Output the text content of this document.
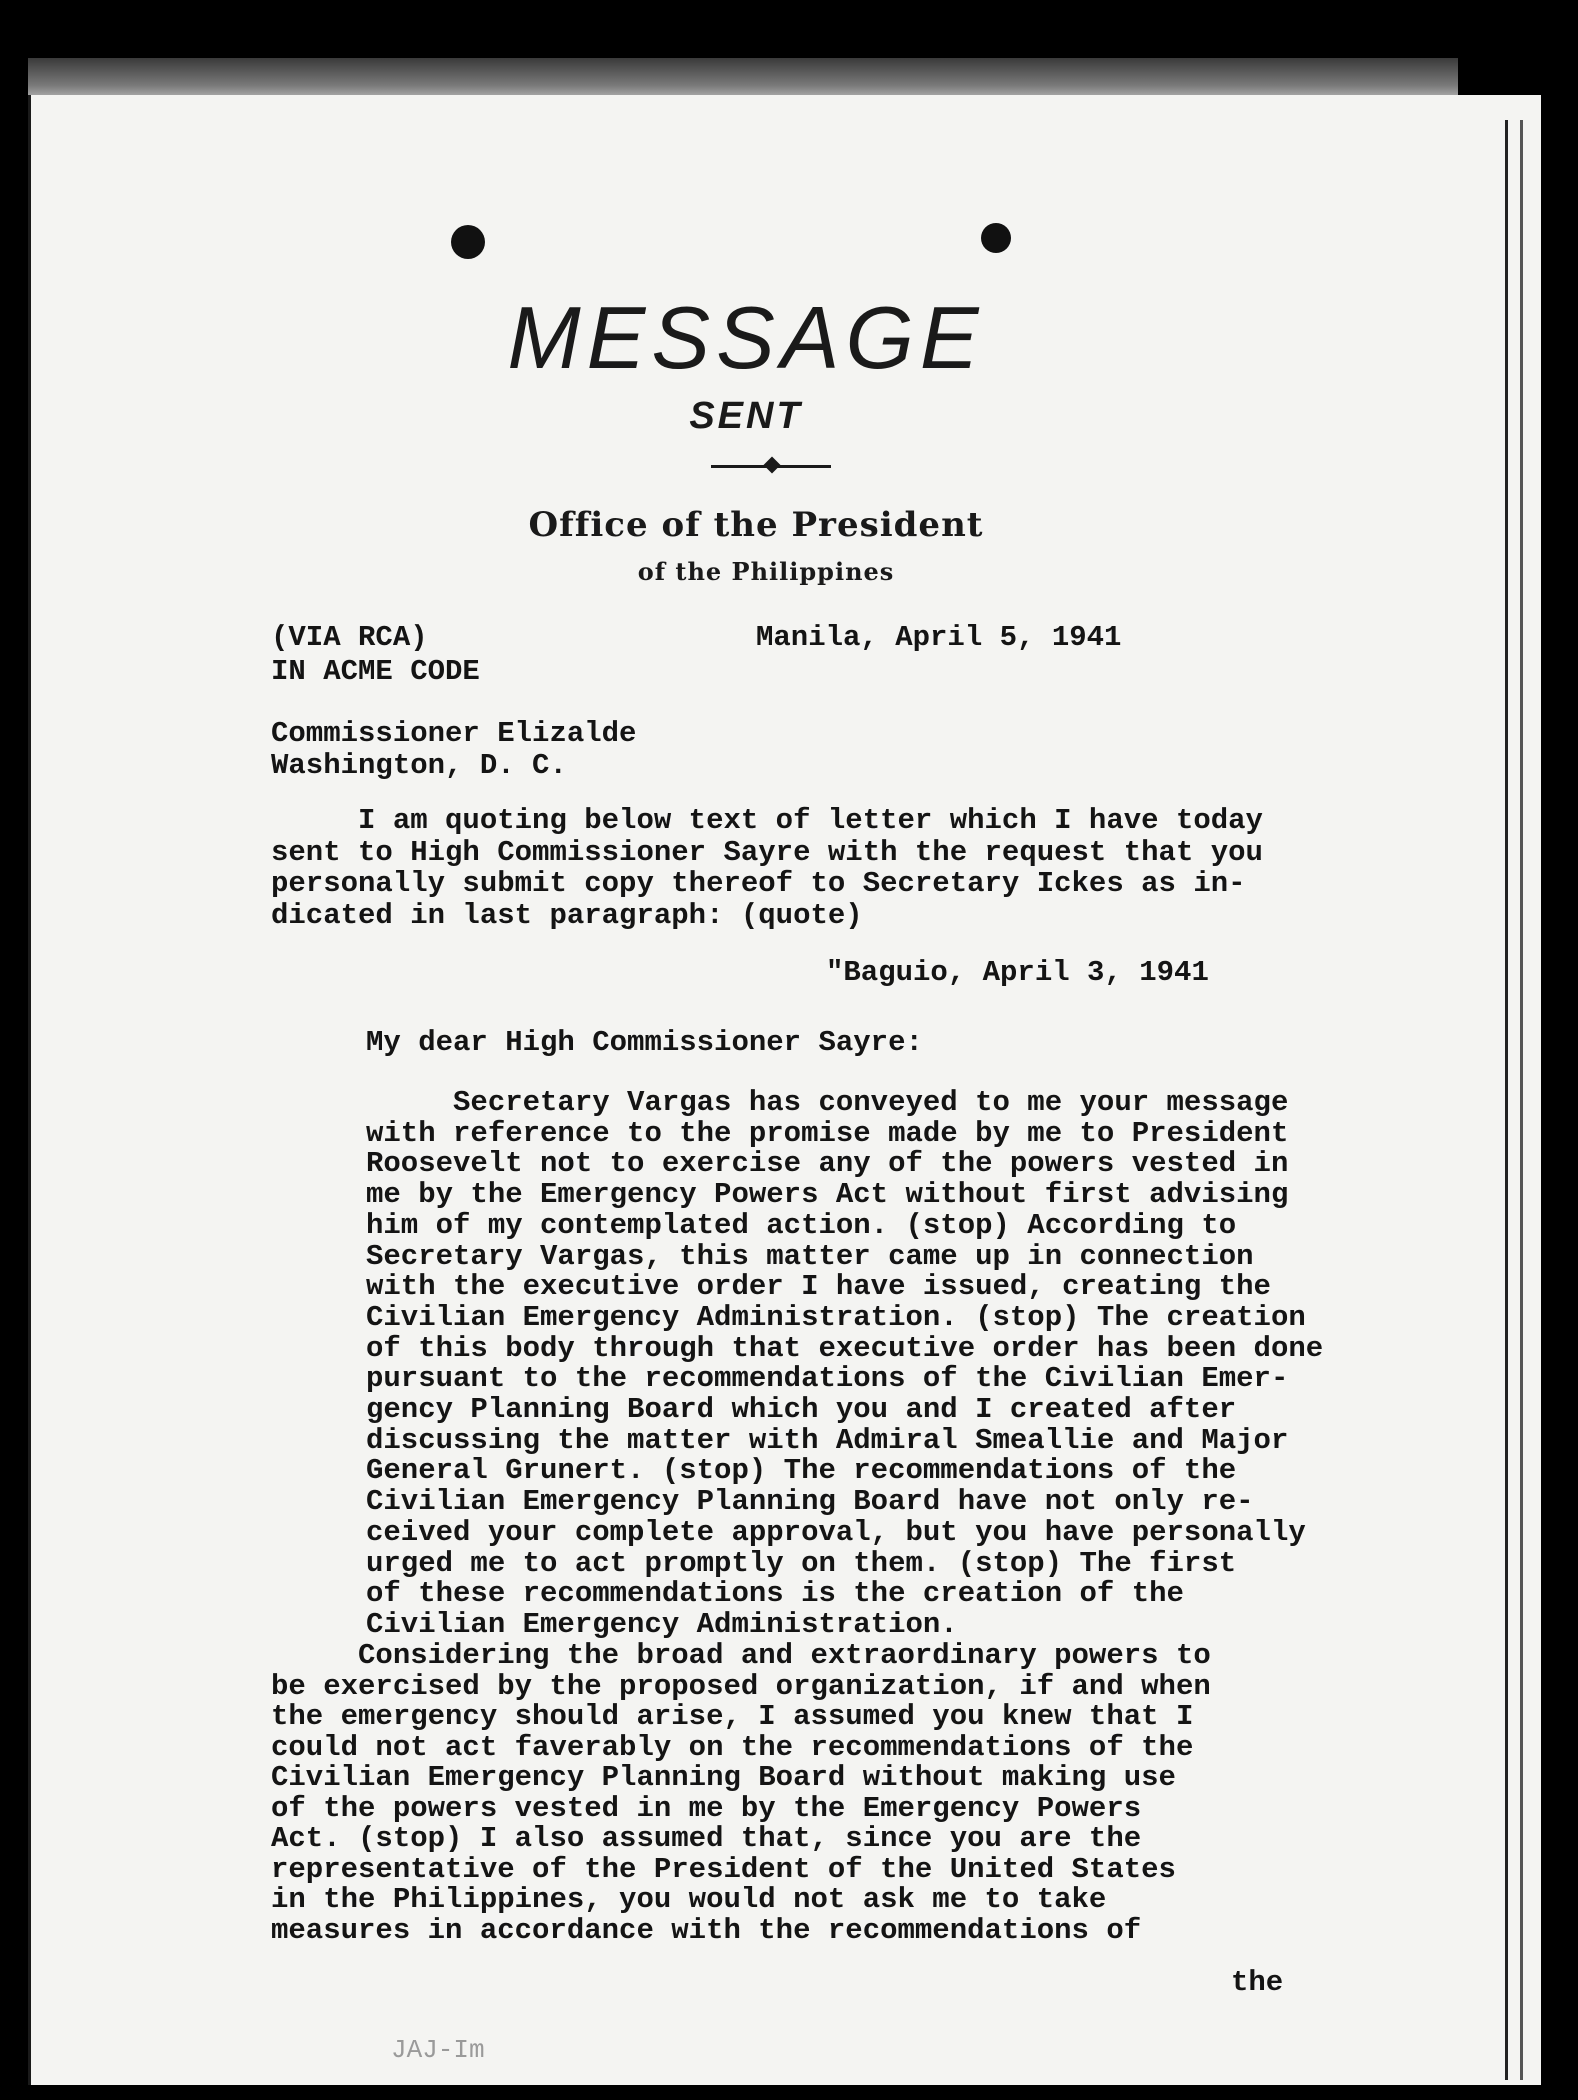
MESSAGE
SENT
Office of the President
of the Philippines

(VIA RCA)	Manila, April 5, 1941
IN ACME CODE
Commissioner Elizalde
Washington, D. C.
I am quoting below text of letter which I have today
sent to High Commissioner Sayre with the request that you
personally submit copy thereof to Secretary Ickes as in-
dicated in last paragraph: (quote)
"Baguio, April 3, 1941
My dear High Commissioner Sayre:
Secretary Vargas has conveyed to me your message
with reference to the promise made by me to President
Roosevelt not to exercise any of the powers vested in
me by the Emergency Powers Act without first advising
him of my contemplated action. (stop) According to
Secretary Vargas, this matter came up in connection
with the executive order I have issued, creating the
Civilian Emergency Administration. (stop) The creation
of this body through that executive order has been done
pursuant to the recommendations of the Civilian Emer-
gency Planning Board which you and I created after
discussing the matter with Admiral Smeallie and Major
General Grunert. (stop) The recommendations of the
Civilian Emergency Planning Board have not only re-
ceived your complete approval, but you have personally
urged me to act promptly on them. (stop) The first
of these recommendations is the creation of the
Civilian Emergency Administration.
Considering the broad and extraordinary powers to
be exercised by the proposed organization, if and when
the emergency should arise, I assumed you knew that I
could not act faverably on the recommendations of the
Civilian Emergency Planning Board without making use
of the powers vested in me by the Emergency Powers
Act. (stop) I also assumed that, since you are the
representative of the President of the United States
in the Philippines, you would not ask me to take
measures in accordance with the recommendations of
the
JAJ-Im
